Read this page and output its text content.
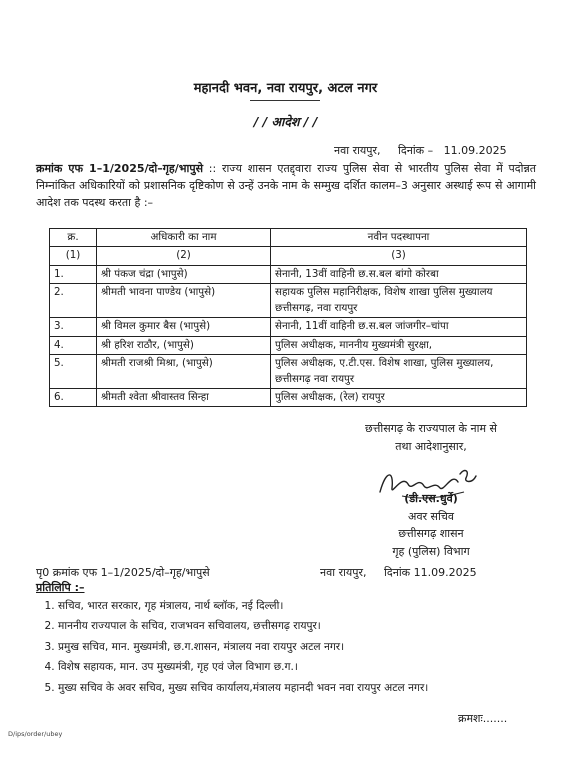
महानदी भवन, नवा रायपुर, अटल नगर
/ / आदेश / /
नवा रायपुर, दिनांक – 11.09.2025
क्रमांक एफ 1–1/2025/दो–गृह/भापुसे :: राज्य शासन एतद्द्वारा राज्य पुलिस सेवा से भारतीय पुलिस सेवा में पदोन्नत निम्नांकित अधिकारियों को प्रशासनिक दृष्टिकोण से उन्हें उनके नाम के सम्मुख दर्शित कालम–3 अनुसार अस्थाई रूप से आगामी आदेश तक पदस्थ करता है :–
क्र.	अधिकारी का नाम	नवीन पदस्थापना
(1)	(2)	(3)
1.	श्री पंकज चंद्रा (भापुसे)	सेनानी, 13वीं वाहिनी छ.स.बल बांगो कोरबा
2.	श्रीमती भावना पाण्डेय (भापुसे)	सहायक पुलिस महानिरीक्षक, विशेष शाखा पुलिस मुख्यालय छत्तीसगढ़, नवा रायपुर
3.	श्री विमल कुमार बैस (भापुसे)	सेनानी, 11वीं वाहिनी छ.स.बल जांजगीर–चांपा
4.	श्री हरिश राठौर, (भापुसे)	पुलिस अधीक्षक, माननीय मुख्यमंत्री सुरक्षा,
5.	श्रीमती राजश्री मिश्रा, (भापुसे)	पुलिस अधीक्षक, ए.टी.एस. विशेष शाखा, पुलिस मुख्यालय, छत्तीसगढ़ नवा रायपुर
6.	श्रीमती श्वेता श्रीवास्तव सिन्हा	पुलिस अधीक्षक, (रेल) रायपुर
छत्तीसगढ़ के राज्यपाल के नाम से
तथा आदेशानुसार,
(डी.एस.धुर्वे)
अवर सचिव
छत्तीसगढ़ शासन
गृह (पुलिस) विभाग
पृ0 क्रमांक एफ 1–1/2025/दो–गृह/भापुसे	नवा रायपुर, दिनांक 11.09.2025
प्रतिलिपि :–
1. सचिव, भारत सरकार, गृह मंत्रालय, नार्थ ब्लॉक, नई दिल्ली।
2. माननीय राज्यपाल के सचिव, राजभवन सचिवालय, छत्तीसगढ़ रायपुर।
3. प्रमुख सचिव, मान. मुख्यमंत्री, छ.ग.शासन, मंत्रालय नवा रायपुर अटल नगर।
4. विशेष सहायक, मान. उप मुख्यमंत्री, गृह एवं जेल विभाग छ.ग.।
5. मुख्य सचिव के अवर सचिव, मुख्य सचिव कार्यालय,मंत्रालय महानदी भवन नवा रायपुर अटल नगर।
क्रमशः.......
D/ips/order/ubey
